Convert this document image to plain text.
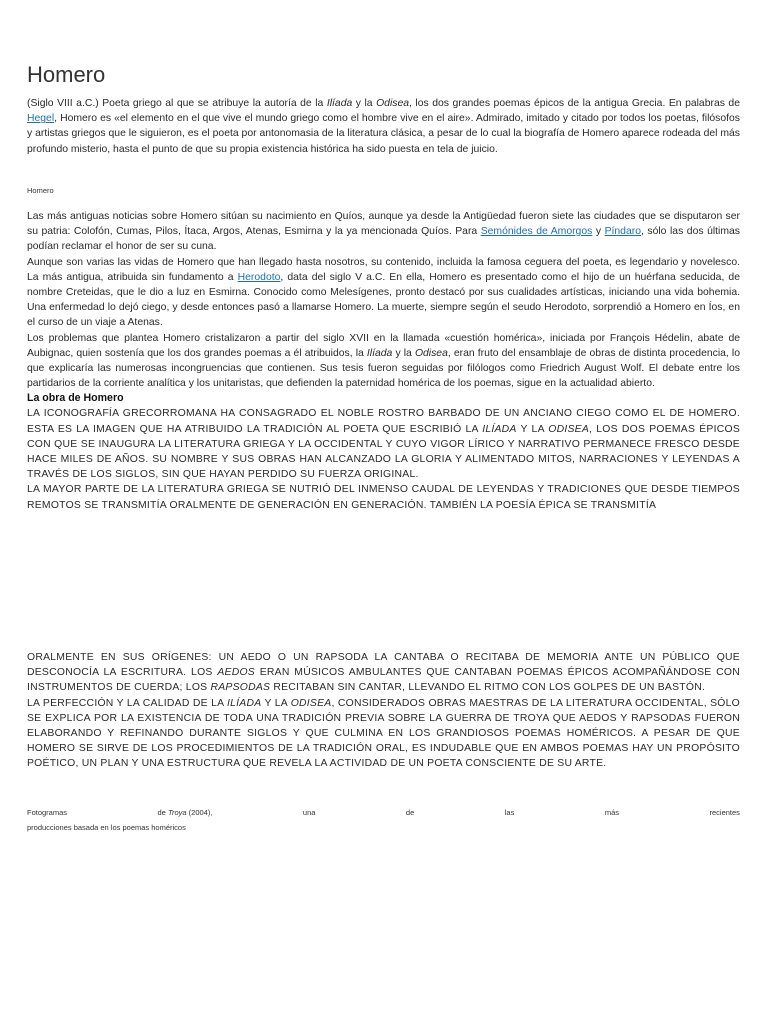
Homero

(Siglo VIII a.C.) Poeta griego al que se atribuye la autoría de la Ilíada y la Odisea, los dos grandes poemas épicos de la antigua Grecia. En palabras de Hegel, Homero es «el elemento en el que vive el mundo griego como el hombre vive en el aire». Admirado, imitado y citado por todos los poetas, filósofos y artistas griegos que le siguieron, es el poeta por antonomasia de la literatura clásica, a pesar de lo cual la biografía de Homero aparece rodeada del más profundo misterio, hasta el punto de que su propia existencia histórica ha sido puesta en tela de juicio.

Homero

Las más antiguas noticias sobre Homero sitúan su nacimiento en Quíos, aunque ya desde la Antigüedad fueron siete las ciudades que se disputaron ser su patria: Colofón, Cumas, Pilos, Ítaca, Argos, Atenas, Esmirna y la ya mencionada Quíos. Para Semónides de Amorgos y Píndaro, sólo las dos últimas podían reclamar el honor de ser su cuna.

Aunque son varias las vidas de Homero que han llegado hasta nosotros, su contenido, incluida la famosa ceguera del poeta, es legendario y novelesco. La más antigua, atribuida sin fundamento a Herodoto, data del siglo V a.C. En ella, Homero es presentado como el hijo de un huérfana seducida, de nombre Creteidas, que le dio a luz en Esmirna. Conocido como Melesígenes, pronto destacó por sus cualidades artísticas, iniciando una vida bohemia. Una enfermedad lo dejó ciego, y desde entonces pasó a llamarse Homero. La muerte, siempre según el seudo Herodoto, sorprendió a Homero en Íos, en el curso de un viaje a Atenas.

Los problemas que plantea Homero cristalizaron a partir del siglo XVII en la llamada «cuestión homérica», iniciada por François Hédelin, abate de Aubignac, quien sostenía que los dos grandes poemas a él atribuidos, la Ilíada y la Odisea, eran fruto del ensamblaje de obras de distinta procedencia, lo que explicaría las numerosas incongruencias que contienen. Sus tesis fueron seguidas por filólogos como Friedrich August Wolf. El debate entre los partidarios de la corriente analítica y los unitaristas, que defienden la paternidad homérica de los poemas, sigue en la actualidad abierto.

La obra de Homero

LA ICONOGRAFÍA GRECORROMANA HA CONSAGRADO EL NOBLE ROSTRO BARBADO DE UN ANCIANO CIEGO COMO EL DE HOMERO. ESTA ES LA IMAGEN QUE HA ATRIBUIDO LA TRADICIÓN AL POETA QUE ESCRIBIÓ LA ILÍADA Y LA ODISEA, LOS DOS POEMAS ÉPICOS CON QUE SE INAUGURA LA LITERATURA GRIEGA Y LA OCCIDENTAL Y CUYO VIGOR LÍRICO Y NARRATIVO PERMANECE FRESCO DESDE HACE MILES DE AÑOS. SU NOMBRE Y SUS OBRAS HAN ALCANZADO LA GLORIA Y ALIMENTADO MITOS, NARRACIONES Y LEYENDAS A TRAVÉS DE LOS SIGLOS, SIN QUE HAYAN PERDIDO SU FUERZA ORIGINAL.

LA MAYOR PARTE DE LA LITERATURA GRIEGA SE NUTRIÓ DEL INMENSO CAUDAL DE LEYENDAS Y TRADICIONES QUE DESDE TIEMPOS REMOTOS SE TRANSMITÍA ORALMENTE DE GENERACIÓN EN GENERACIÓN. TAMBIÉN LA POESÍA ÉPICA SE TRANSMITÍA

ORALMENTE EN SUS ORÍGENES: UN AEDO O UN RAPSODA LA CANTABA O RECITABA DE MEMORIA ANTE UN PÚBLICO QUE DESCONOCÍA LA ESCRITURA. LOS AEDOS ERAN MÚSICOS AMBULANTES QUE CANTABAN POEMAS ÉPICOS ACOMPAÑÁNDOSE CON INSTRUMENTOS DE CUERDA; LOS RAPSODAS RECITABAN SIN CANTAR, LLEVANDO EL RITMO CON LOS GOLPES DE UN BASTÓN.

LA PERFECCIÓN Y LA CALIDAD DE LA ILÍADA Y LA ODISEA, CONSIDERADOS OBRAS MAESTRAS DE LA LITERATURA OCCIDENTAL, SÓLO SE EXPLICA POR LA EXISTENCIA DE TODA UNA TRADICIÓN PREVIA SOBRE LA GUERRA DE TROYA QUE AEDOS Y RAPSODAS FUERON ELABORANDO Y REFINANDO DURANTE SIGLOS Y QUE CULMINA EN LOS GRANDIOSOS POEMAS HOMÉRICOS. A PESAR DE QUE HOMERO SE SIRVE DE LOS PROCEDIMIENTOS DE LA TRADICIÓN ORAL, ES INDUDABLE QUE EN AMBOS POEMAS HAY UN PROPÓSITO POÉTICO, UN PLAN Y UNA ESTRUCTURA QUE REVELA LA ACTIVIDAD DE UN POETA CONSCIENTE DE SU ARTE.

Fotogramas	de Troya (2004),	una	de	las	más	recientes
producciones basada en los poemas homéricos
